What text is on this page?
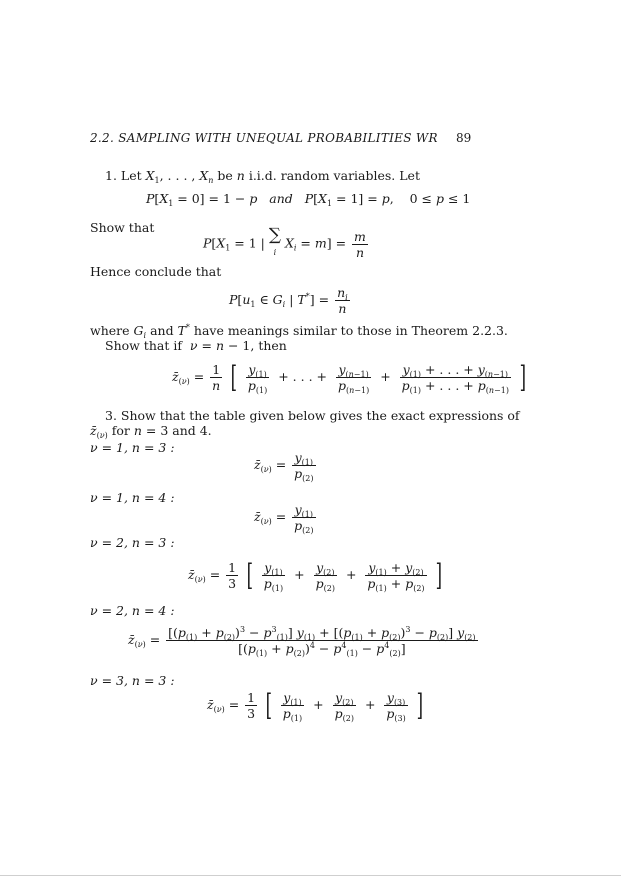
2.2. SAMPLING WITH UNEQUAL PROBABILITIES WR 89
1. Let $X_1$, . . . , $X_n$ be n i.i.d. random variables. Let
$P[X_1 = 0] = 1 - p$ and $P[X_1 = 1] = p$,    0 ≤ p ≤ 1
Show that
$P[X_1 = 1$ | ∑
i $X_i = m] = \frac{m}{n}$
Hence conclude that
$P[u_1$ ∈ $G_i$ | $T^*] = \frac{n_i}{n}$
where $G_i$ and T* have meanings similar to those in Theorem 2.2.3.
Show that if ν = n − 1, then
$z̄_{(\nu)} = \frac{1}{n}$ [ $\frac{y_{(1)}}{p_{(1)}}$ + . . . + $\frac{y_{(n-1)}}{p_{(n-1)}} + \frac{y_{(1)} + . . . + y_{(n-1)}}{p_{(1)} + . . . + p_{(n-1)}}$ ]
3. Show that the table given below gives the exact expressions of
$z̄_{(\nu)}$ for n = 3 and 4.
ν = 1, n = 3 :
$z̄_{(\nu)} = \frac{y_{(1)}}{p_{(2)}}$
ν = 1, n = 4 :
$z̄_{(\nu)} = \frac{y_{(1)}}{p_{(2)}}$
ν = 2, n = 3 :
$z̄_{(\nu)} = \frac{1}{3}$ [ $\frac{y_{(1)}}{p_{(1)}} + \frac{y_{(2)}}{p_{(2)}} + \frac{y_{(1)} + y_{(2)}}{p_{(1)} + p_{(2)}}$ ]
ν = 2, n = 4 :
$z̄_{(\nu)} = \frac{[(p_{(1)} + p_{(2)})^3 - p^3_{(1)}] y_{(1)} + [(p_{(1)} + p_{(2)})^3 - p_{(2)}] y_{(2)}}{[(p_{(1)} + p_{(2)})^4 - p^4_{(1)} - p^4_{(2)}]}$
ν = 3, n = 3 :
$z̄_{(\nu)} = \frac{1}{3}$ [ $\frac{y_{(1)}}{p_{(1)}} + \frac{y_{(2)}}{p_{(2)}} + \frac{y_{(3)}}{p_{(3)}}$ ]
